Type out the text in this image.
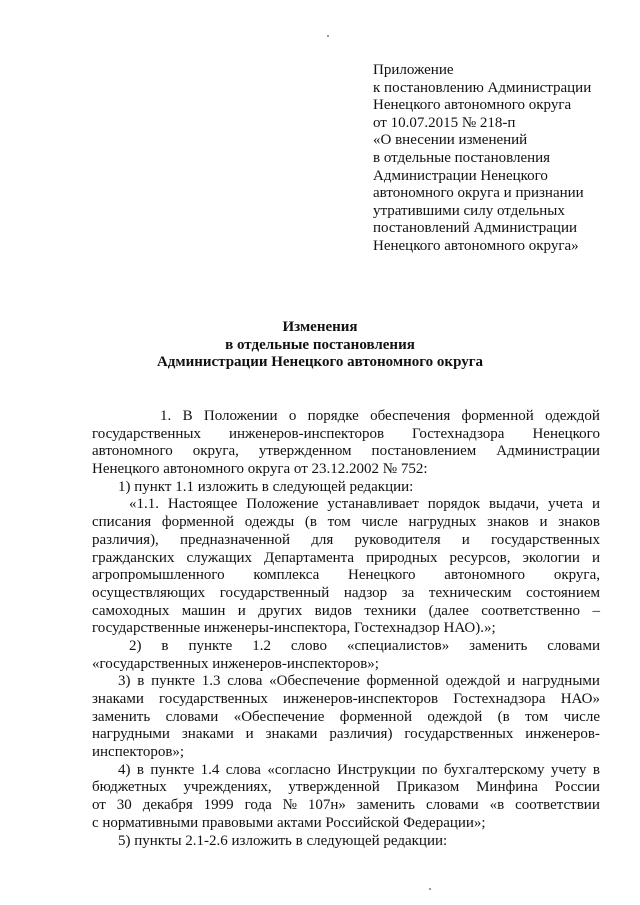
Приложение
к постановлению Администрации
Ненецкого автономного округа
от 10.07.2015 № 218-п
«О внесении изменений
в отдельные постановления
Администрации Ненецкого
автономного округа и признании
утратившими силу отдельных
постановлений Администрации
Ненецкого автономного округа»
Изменения
в отдельные постановления
Администрации Ненецкого автономного округа
1. В Положении о порядке обеспечения форменной одеждой
государственных инженеров-инспекторов Гостехнадзора Ненецкого
автономного округа, утвержденном постановлением Администрации
Ненецкого автономного округа от 23.12.2002 № 752:
1) пункт 1.1 изложить в следующей редакции:
«1.1. Настоящее Положение устанавливает порядок выдачи, учета и
списания форменной одежды (в том числе нагрудных знаков и знаков
различия), предназначенной для руководителя и государственных
гражданских служащих Департамента природных ресурсов, экологии и
агропромышленного комплекса Ненецкого автономного округа,
осуществляющих государственный надзор за техническим состоянием
самоходных машин и других видов техники (далее соответственно –
государственные инженеры-инспектора, Гостехнадзор НАО).»;
2) в пункте 1.2 слово «специалистов» заменить словами
«государственных инженеров-инспекторов»;
3) в пункте 1.3 слова «Обеспечение форменной одеждой и нагрудными
знаками государственных инженеров-инспекторов Гостехнадзора НАО»
заменить словами «Обеспечение форменной одеждой (в том числе
нагрудными знаками и знаками различия) государственных инженеров-
инспекторов»;
4) в пункте 1.4 слова «согласно Инструкции по бухгалтерскому учету в
бюджетных учреждениях, утвержденной Приказом Минфина России
от 30 декабря 1999 года № 107н» заменить словами «в соответствии
с нормативными правовыми актами Российской Федерации»;
5) пункты 2.1-2.6 изложить в следующей редакции:
